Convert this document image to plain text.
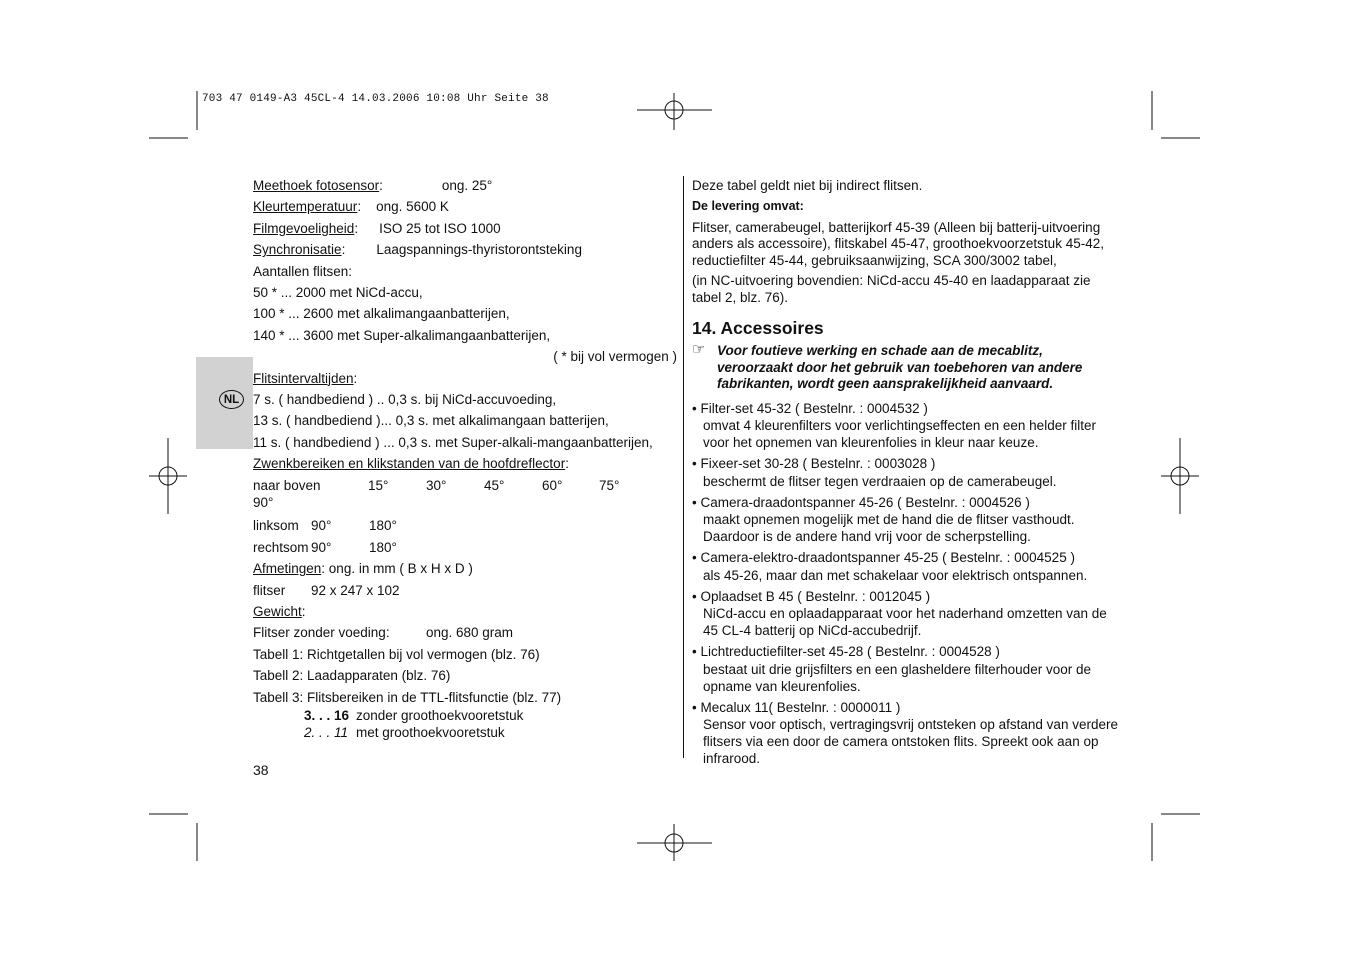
703 47 0149-A3 45CL-4 14.03.2006 10:08 Uhr Seite 38
NL
Meethoek fotosensor:	ong. 25°
Kleurtemperatuur: ong. 5600 K
Filmgevoeligheid: ISO 25 tot ISO 1000
Synchronisatie: Laagspannings-thyristorontsteking
Aantallen flitsen:
50 * ... 2000 met NiCd-accu,
100 * ... 2600 met alkalimangaanbatterijen,
140 * ... 3600 met Super-alkalimangaanbatterijen,
( * bij vol vermogen )
Flitsintervaltijden:
7 s. ( handbediend ) .. 0,3 s. bij NiCd-accuvoeding,
13 s. ( handbediend )... 0,3 s. met alkalimangaan batterijen,
11 s. ( handbediend ) ... 0,3 s. met Super-alkali-mangaanbatterijen,
Zwenkbereiken en klikstanden van de hoofdreflector:
naar boven	15°	30°	45°	60°	75°
90°
linksom 90°	180°
rechtsom 90°	180°
Afmetingen: ong. in mm ( B x H x D )
flitser 92 x 247 x 102
Gewicht:
Flitser zonder voeding:	ong. 680 gram
Tabell 1: Richtgetallen bij vol vermogen (blz. 76)
Tabell 2: Laadapparaten (blz. 76)
Tabell 3: Flitsbereiken in de TTL-flitsfunctie (blz. 77)
3. . . 16 zonder groothoekvooretstuk
2. . . 11 met groothoekvooretstuk
38
Deze tabel geldt niet bij indirect flitsen.
De levering omvat:
Flitser, camerabeugel, batterijkorf 45-39 (Alleen bij batterij-uitvoering anders als accessoire), flitskabel 45-47, groothoekvoorzetstuk 45-42, reductiefilter 45-44, gebruiksaanwijzing, SCA 300/3002 tabel,
(in NC-uitvoering bovendien: NiCd-accu 45-40 en laadapparaat zie tabel 2, blz. 76).
14. Accessoires
☞ Voor foutieve werking en schade aan de mecablitz, veroorzaakt door het gebruik van toebehoren van andere fabrikanten, wordt geen aansprakelijkheid aanvaard.
• Filter-set 45-32 ( Bestelnr. : 0004532 )
omvat 4 kleurenfilters voor verlichtingseffecten en een helder filter voor het opnemen van kleurenfolies in kleur naar keuze.
• Fixeer-set 30-28 ( Bestelnr. : 0003028 )
beschermt de flitser tegen verdraaien op de camerabeugel.
• Camera-draadontspanner 45-26 ( Bestelnr. : 0004526 )
maakt opnemen mogelijk met de hand die de flitser vasthoudt. Daardoor is de andere hand vrij voor de scherpstelling.
• Camera-elektro-draadontspanner 45-25 ( Bestelnr. : 0004525 )
als 45-26, maar dan met schakelaar voor elektrisch ontspannen.
• Oplaadset B 45 ( Bestelnr. : 0012045 )
NiCd-accu en oplaadapparaat voor het naderhand omzetten van de 45 CL-4 batterij op NiCd-accubedrijf.
• Lichtreductiefilter-set 45-28 ( Bestelnr. : 0004528 )
bestaat uit drie grijsfilters en een glasheldere filterhouder voor de opname van kleurenfolies.
• Mecalux 11( Bestelnr. : 0000011 )
Sensor voor optisch, vertragingsvrij ontsteken op afstand van verdere flitsers via een door de camera ontstoken flits. Spreekt ook aan op infrarood.
